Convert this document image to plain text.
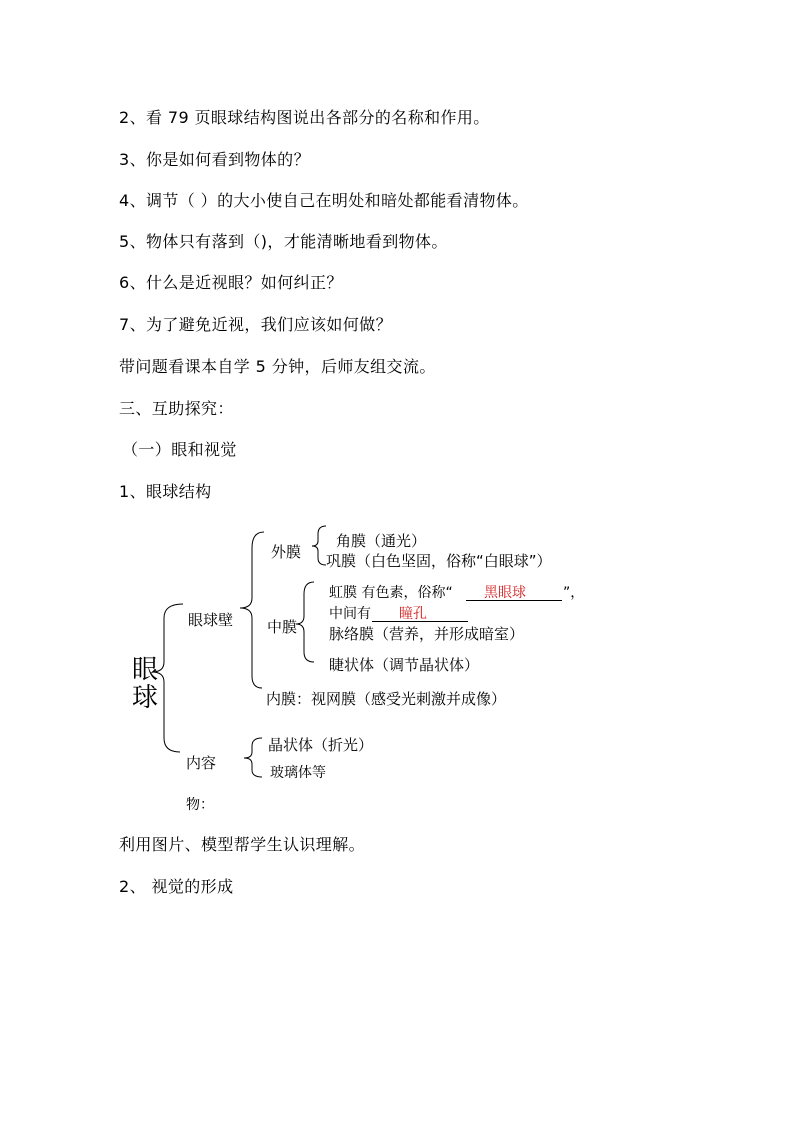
2、看 79 页眼球结构图说出各部分的名称和作用。
3、你是如何看到物体的？
4、调节（ ）的大小使自己在明处和暗处都能看清物体。
5、物体只有落到（)，才能清晰地看到物体。
6、什么是近视眼？如何纠正？
7、为了避免近视，我们应该如何做？
带问题看课本自学 5 分钟，后师友组交流。
三、互助探究：
（一）眼和视觉
1、眼球结构
眼
球
眼球壁
内容
物：
外膜
中膜
内膜：视网膜（感受光刺激并成像）
角膜（通光）
巩膜（白色坚固，俗称“白眼球”）
虹膜 有色素，俗称“ 黑眼球	”，
中间有 瞳孔
脉络膜（营养，并形成暗室）
睫状体（调节晶状体）
晶状体（折光）
玻璃体等
利用图片、模型帮学生认识理解。
2、 视觉的形成
